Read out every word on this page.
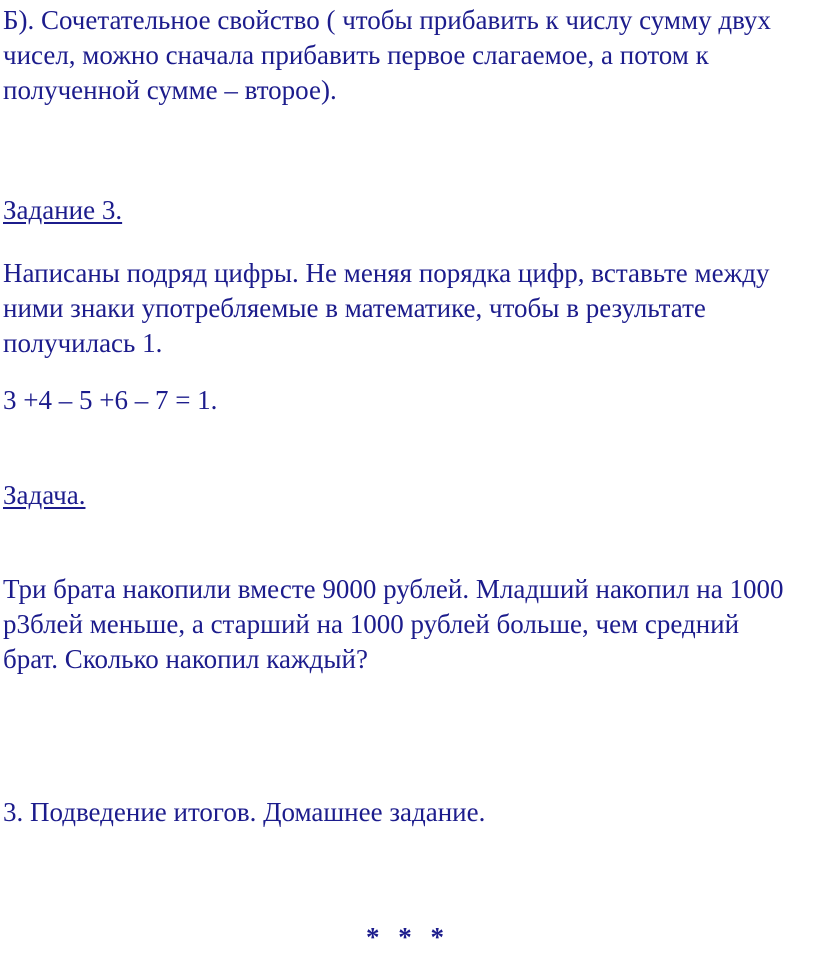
Б). Сочетательное свойство ( чтобы прибавить к числу сумму двух
чисел, можно сначала прибавить первое слагаемое, а потом к
полученной сумме – второе).
Задание 3.
Написаны подряд цифры. Не меняя порядка цифр, вставьте между
ними знаки употребляемые в математике, чтобы в результате
получилась 1.
3 +4 – 5 +6 – 7 = 1.
Задача.
Три брата накопили вместе 9000 рублей. Младший накопил на 1000
р3блей меньше, а старший на 1000 рублей больше, чем средний
брат. Сколько накопил каждый?
3. Подведение итогов. Домашнее задание.
* * *
